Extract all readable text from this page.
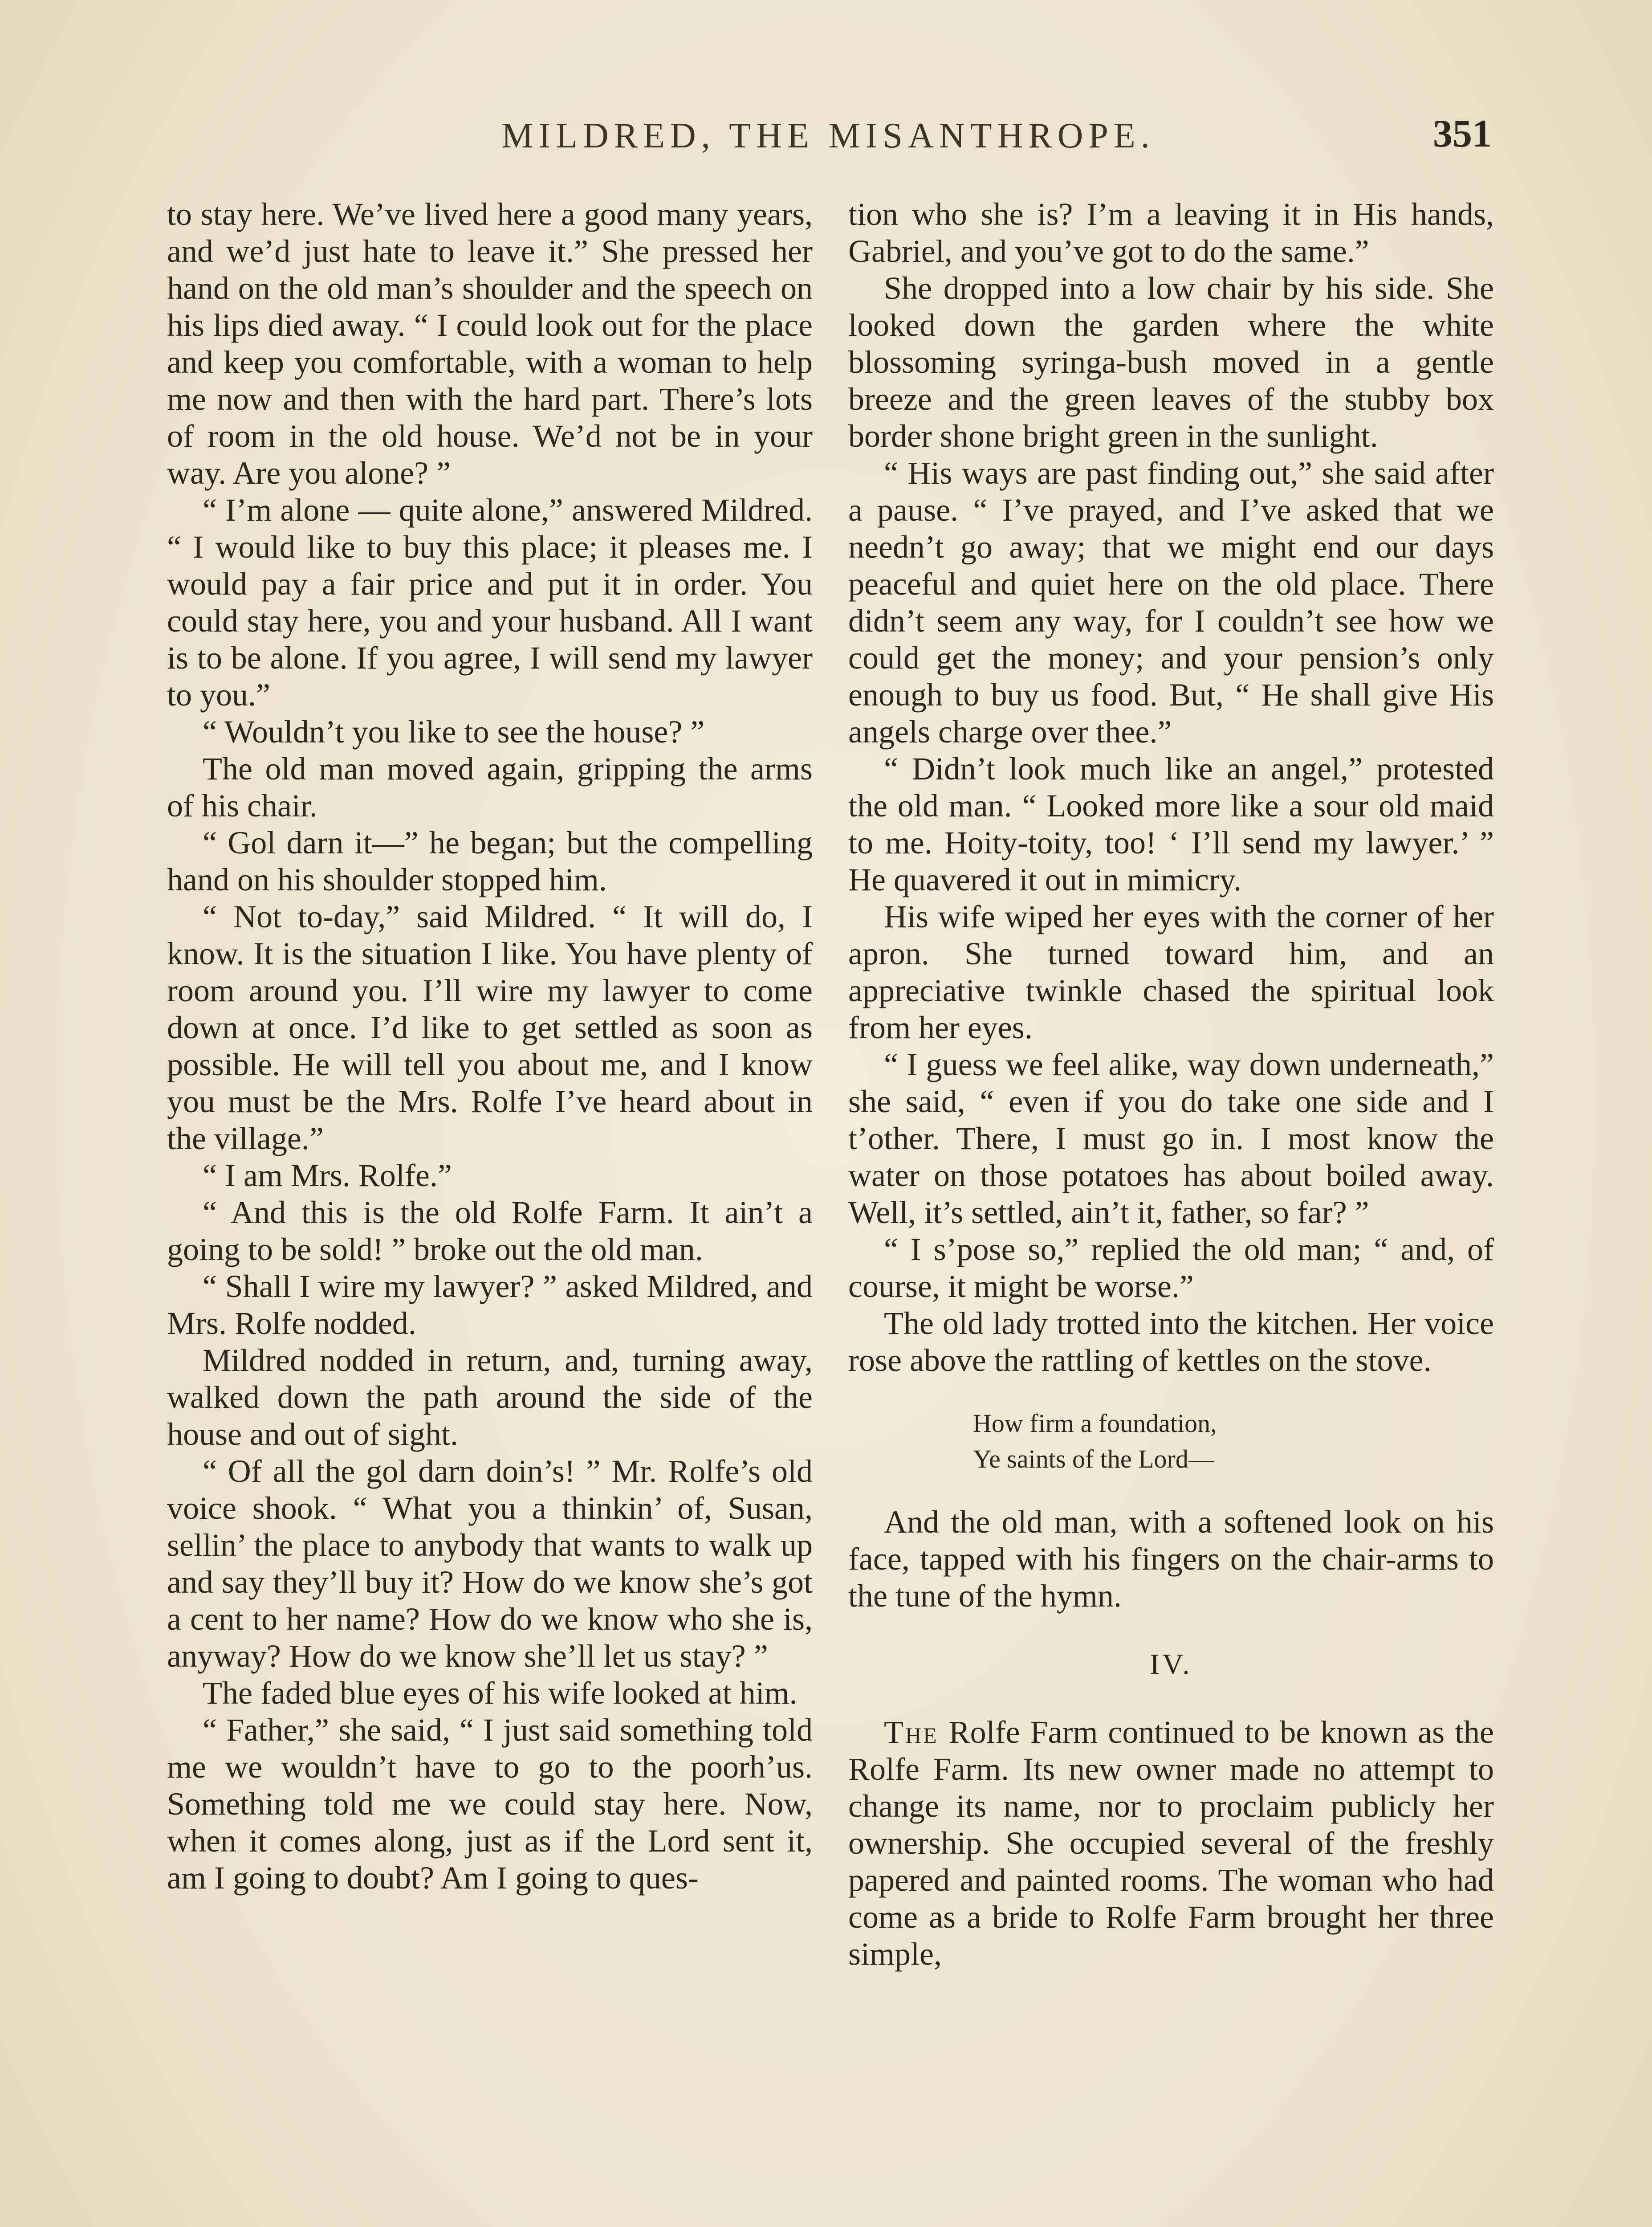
MILDRED, THE MISANTHROPE.	351

to stay here. We’ve lived here a good many years, and we’d just hate to leave it.” She pressed her hand on the old man’s shoulder and the speech on his lips died away. “ I could look out for the place and keep you comfortable, with a woman to help me now and then with the hard part. There’s lots of room in the old house. We’d not be in your way. Are you alone? ”

“ I’m alone — quite alone,” answered Mildred. “ I would like to buy this place; it pleases me. I would pay a fair price and put it in order. You could stay here, you and your husband. All I want is to be alone. If you agree, I will send my lawyer to you.”

“ Wouldn’t you like to see the house? ”

The old man moved again, gripping the arms of his chair.

“ Gol darn it—” he began; but the compelling hand on his shoulder stopped him.

“ Not to-day,” said Mildred. “ It will do, I know. It is the situation I like. You have plenty of room around you. I’ll wire my lawyer to come down at once. I’d like to get settled as soon as possible. He will tell you about me, and I know you must be the Mrs. Rolfe I’ve heard about in the village.”

“ I am Mrs. Rolfe.”

“ And this is the old Rolfe Farm. It ain’t a going to be sold! ” broke out the old man.

“ Shall I wire my lawyer? ” asked Mildred, and Mrs. Rolfe nodded.

Mildred nodded in return, and, turning away, walked down the path around the side of the house and out of sight.

“ Of all the gol darn doin’s! ” Mr. Rolfe’s old voice shook. “ What you a thinkin’ of, Susan, sellin’ the place to anybody that wants to walk up and say they’ll buy it? How do we know she’s got a cent to her name? How do we know who she is, anyway? How do we know she’ll let us stay? ”

The faded blue eyes of his wife looked at him.

“ Father,” she said, “ I just said something told me we wouldn’t have to go to the poorh’us. Something told me we could stay here. Now, when it comes along, just as if the Lord sent it, am I going to doubt? Am I going to ques-

tion who she is? I’m a leaving it in His hands, Gabriel, and you’ve got to do the same.”

She dropped into a low chair by his side. She looked down the garden where the white blossoming syringa-bush moved in a gentle breeze and the green leaves of the stubby box border shone bright green in the sunlight.

“ His ways are past finding out,” she said after a pause. “ I’ve prayed, and I’ve asked that we needn’t go away; that we might end our days peaceful and quiet here on the old place. There didn’t seem any way, for I couldn’t see how we could get the money; and your pension’s only enough to buy us food. But, “ He shall give His angels charge over thee.”

“ Didn’t look much like an angel,” protested the old man. “ Looked more like a sour old maid to me. Hoity-toity, too! ‘ I’ll send my lawyer.’ ” He quavered it out in mimicry.

His wife wiped her eyes with the corner of her apron. She turned toward him, and an appreciative twinkle chased the spiritual look from her eyes.

“ I guess we feel alike, way down underneath,” she said, “ even if you do take one side and I t’other. There, I must go in. I most know the water on those potatoes has about boiled away. Well, it’s settled, ain’t it, father, so far? ”

“ I s’pose so,” replied the old man; “ and, of course, it might be worse.”

The old lady trotted into the kitchen. Her voice rose above the rattling of kettles on the stove.

How firm a foundation,
Ye saints of the Lord—

And the old man, with a softened look on his face, tapped with his fingers on the chair-arms to the tune of the hymn.

IV.

The Rolfe Farm continued to be known as the Rolfe Farm. Its new owner made no attempt to change its name, nor to proclaim publicly her ownership. She occupied several of the freshly papered and painted rooms. The woman who had come as a bride to Rolfe Farm brought her three simple,
